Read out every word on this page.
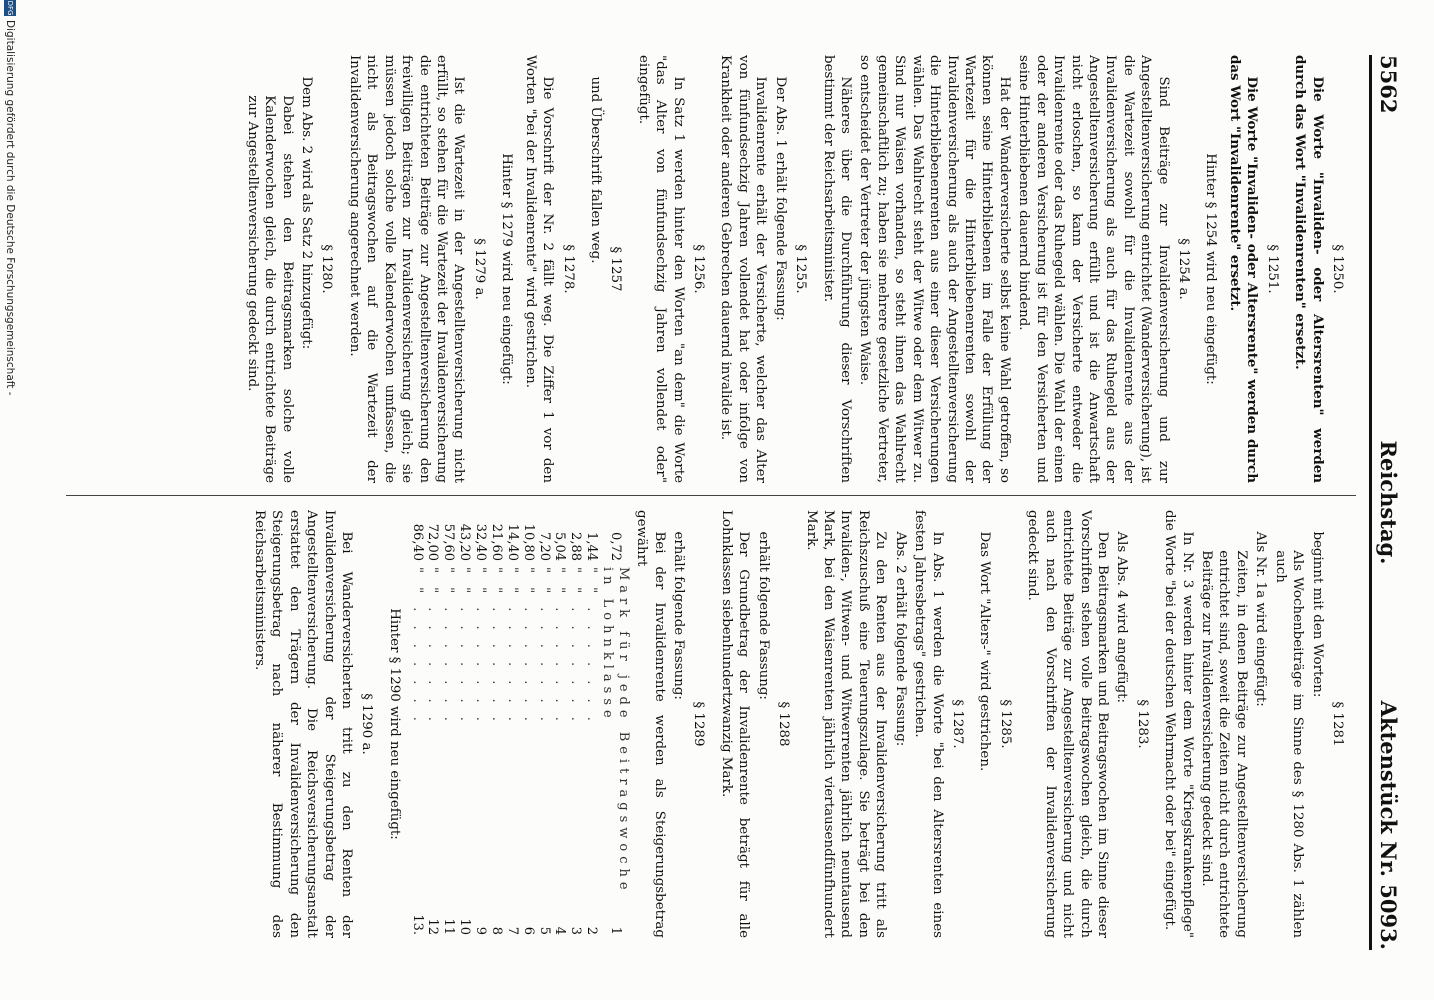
5562
Reichstag.
Aktenstück Nr. 5093.
§ 1250.
Die Worte "Invaliden- oder Altersrenten" werden durch das Wort "Invalidenrenten" ersetzt.
§ 1251.
Die Worte "Invaliden- oder Altersrente" werden durch das Wort "Invalidenrente" ersetzt.
Hinter § 1254 wird neu eingefügt:
§ 1254 a.
Sind Beiträge zur Invalidenversicherung und zur Angestelltenversicherung entrichtet (Wanderversicherung), ist die Wartezeit sowohl für die Invalidenrente aus der Invalidenversicherung als auch für das Ruhegeld aus der Angestelltenversicherung erfüllt und ist die Anwartschaft nicht erloschen, so kann der Versicherte entweder die Invalidenrente oder das Ruhegeld wählen. Die Wahl der einen oder der anderen Versicherung ist für den Versicherten und seine Hinterbliebenen dauernd bindend.
Hat der Wanderversicherte selbst keine Wahl getroffen, so können seine Hinterbliebenen im Falle der Erfüllung der Wartezeit für die Hinterbliebenenrenten sowohl der Invalidenversicherung als auch der Angestelltenversicherung die Hinterbliebenenrenten aus einer dieser Versicherungen wählen. Das Wahlrecht steht der Witwe oder dem Witwer zu. Sind nur Waisen vorhanden, so steht ihnen das Wahlrecht gemeinschaftlich zu; haben sie mehrere gesetzliche Vertreter, so entscheidet der Vertreter der jüngsten Waise.
Näheres über die Durchführung dieser Vorschriften bestimmt der Reichsarbeitsminister.
§ 1255.
Der Abs. 1 erhält folgende Fassung:
Invalidenrente erhält der Versicherte, welcher das Alter von fünfundsechzig Jahren vollendet hat oder infolge von Krankheit oder anderen Gebrechen dauernd invalide ist.
§ 1256.
In Satz 1 werden hinter den Worten "an dem" die Worte "das Alter von fünfundsechzig Jahren vollendet oder" eingefügt.
§ 1257
und Überschrift fallen weg.
§ 1278.
Die Vorschrift der Nr. 2 fällt weg. Die Ziffer 1 vor den Worten "bei der Invalidenrente" wird gestrichen.
Hinter § 1279 wird neu eingefügt:
§ 1279 a.
Ist die Wartezeit in der Angestelltenversicherung nicht erfüllt, so stehen für die Wartezeit der Invalidenversicherung die entrichteten Beiträge zur Angestelltenversicherung den freiwilligen Beiträgen zur Invalidenversicherung gleich; sie müssen jedoch solche volle Kalenderwochen umfassen, die nicht als Beitragswochen auf die Wartezeit der Invalidenversicherung angerechnet werden.
§ 1280.
Dem Abs. 2 wird als Satz 2 hinzugefügt:
Dabei stehen den Beitragsmarken solche volle Kalenderwochen gleich, die durch entrichtete Beiträge zur Angestelltenversicherung gedeckt sind.
§ 1281
beginnt mit den Worten:
Als Wochenbeiträge im Sinne des § 1280 Abs. 1 zählen auch
Als Nr. 1a wird eingefügt:
Zeiten, in denen Beiträge zur Angestelltenversicherung entrichtet sind, soweit die Zeiten nicht durch entrichtete Beiträge zur Invalidenversicherung gedeckt sind.
In Nr. 3 werden hinter dem Worte "Kriegskrankenpflege" die Worte "bei der deutschen Wehrmacht oder bei" eingefügt.
§ 1283.
Als Abs. 4 wird angefügt:
Den Beitragsmarken und Beitragswochen im Sinne dieser Vorschriften stehen volle Beitragswochen gleich, die durch entrichtete Beiträge zur Angestelltenversicherung und nicht auch nach den Vorschriften der Invalidenversicherung gedeckt sind.
§ 1285.
Das Wort "Alters-" wird gestrichen.
§ 1287.
In Abs. 1 werden die Worte "bei den Altersrenten eines festen Jahresbetrags" gestrichen.
Abs. 2 erhält folgende Fassung:
Zu den Renten aus der Invalidenversicherung tritt als Reichszuschuß eine Teuerungszulage. Sie beträgt bei den Invaliden-, Witwen- und Witwerrenten jährlich neuntausend Mark, bei den Waisenrenten jährlich viertausendfünfhundert Mark.
§ 1288
erhält folgende Fassung:
Der Grundbetrag der Invalidenrente beträgt für alle Lohnklassen siebenhundertzwanzig Mark.
§ 1289
erhält folgende Fassung:
Bei der Invalidenrente werden als Steigerungsbetrag gewährt
0,72	Mark für jede Beitragswoche in Lohnklasse	1
1,44	" " . . . . . . .	2
2,88	" " . . . . . . .	3
5,04	" " . . . . . . .	4
7,20	" " . . . . . . .	5
10,80	" " . . . . . . .	6
14,40	" " . . . . . . .	7
21,60	" " . . . . . . .	8
32,40	" " . . . . . . .	9
43,20	" " . . . . . . .	10
57,60	" " . . . . . . .	11
72,00	" " . . . . . . .	12
86,40	" " . . . . . . .	13.
Hinter § 1290 wird neu eingefügt:
§ 1290 a.
Bei Wanderversicherten tritt zu den Renten der Invalidenversicherung der Steigerungsbetrag der Angestelltenversicherung. Die Reichsversicherungsanstalt erstattet den Trägern der Invalidenversicherung den Steigerungsbetrag nach näherer Bestimmung des Reichsarbeitsministers.
DFGDigitalisierung gefördert durch die Deutsche Forschungsgemeinschaft -
